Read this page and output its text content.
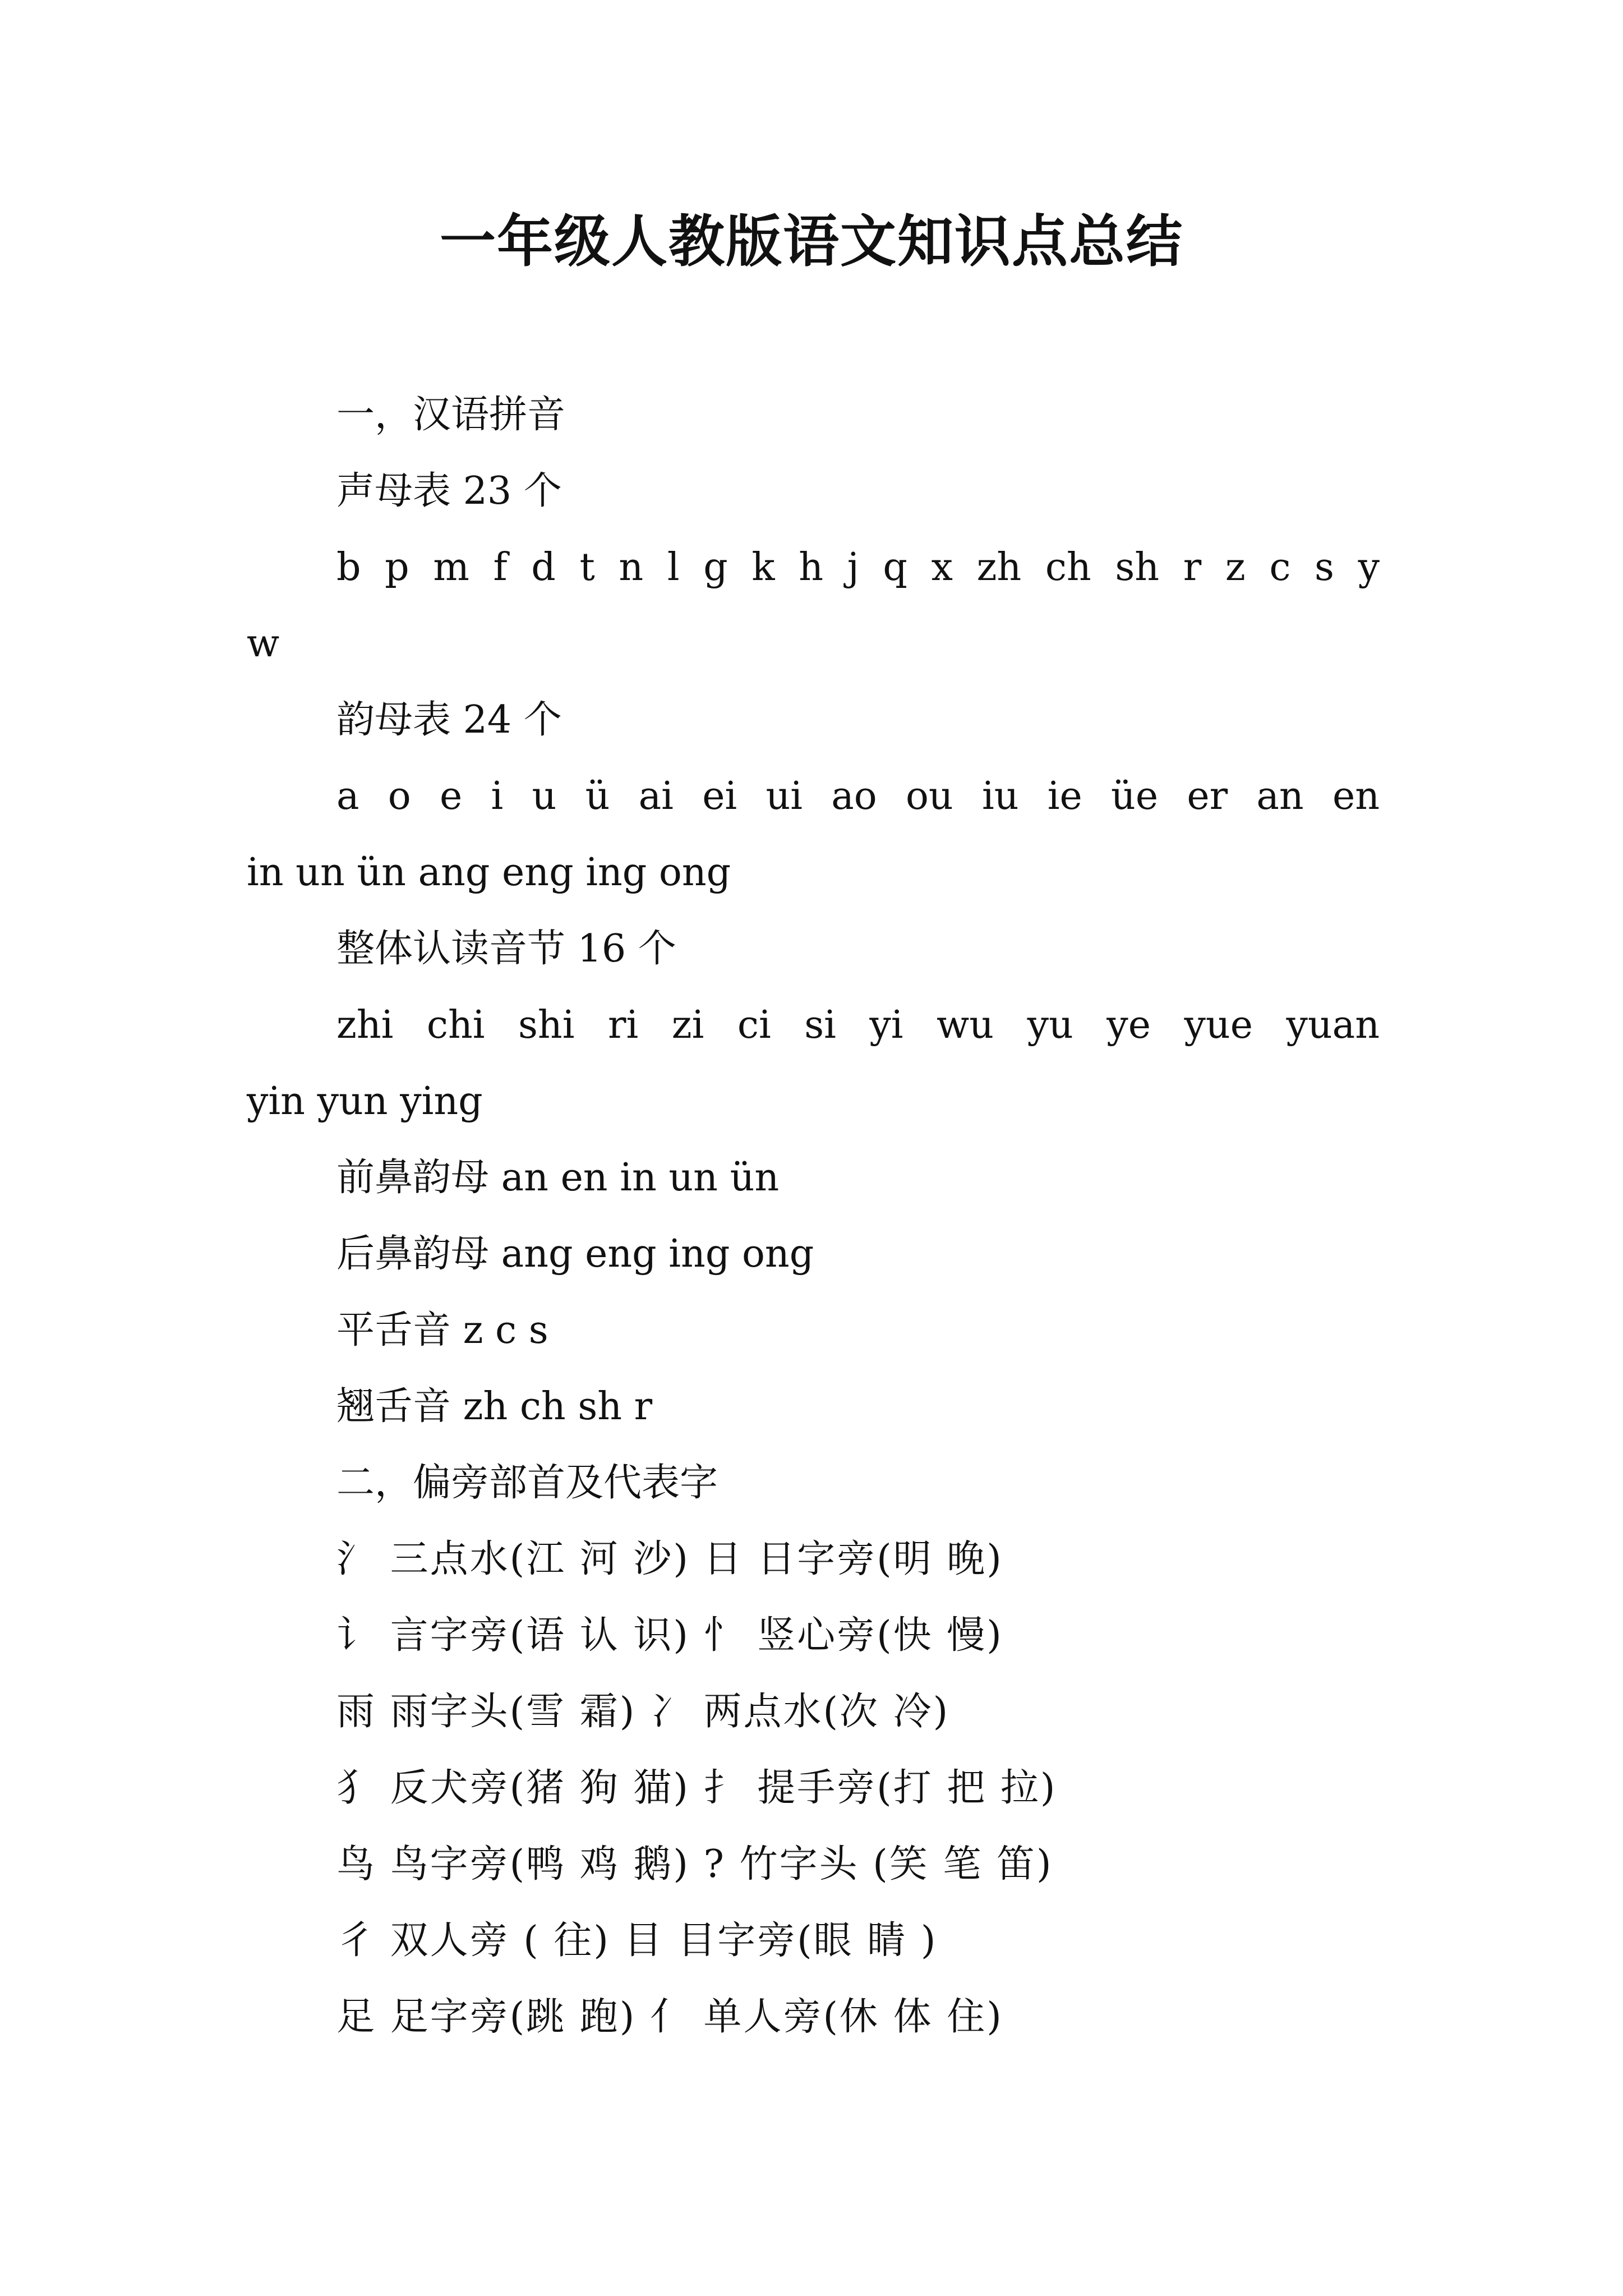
一年级人教版语文知识点总结
一，汉语拼音
声母表 23 个
b p m f d t n l g k h j q x zh ch sh r z c s y
w
韵母表 24 个
a o e i u ü ai ei ui ao ou iu ie üe er an en
in un ün ang eng ing ong
整体认读音节 16 个
zhi chi shi ri zi ci si yi wu yu ye yue yuan
yin yun ying
前鼻韵母 an en in un ün
后鼻韵母 ang eng ing ong
平舌音 z c s
翘舌音 zh ch sh r
二，偏旁部首及代表字
氵 三点水(江 河 沙) 日 日字旁(明 晚)
讠 言字旁(语 认 识) 忄 竖心旁(快 慢)
雨 雨字头(雪 霜) 冫 两点水(次 冷)
犭 反犬旁(猪 狗 猫) 扌 提手旁(打 把 拉)
鸟 鸟字旁(鸭 鸡 鹅) ? 竹字头 (笑 笔 笛)
彳 双人旁 ( 往) 目 目字旁(眼 睛 )
足 足字旁(跳 跑) 亻 单人旁(休 体 住)
